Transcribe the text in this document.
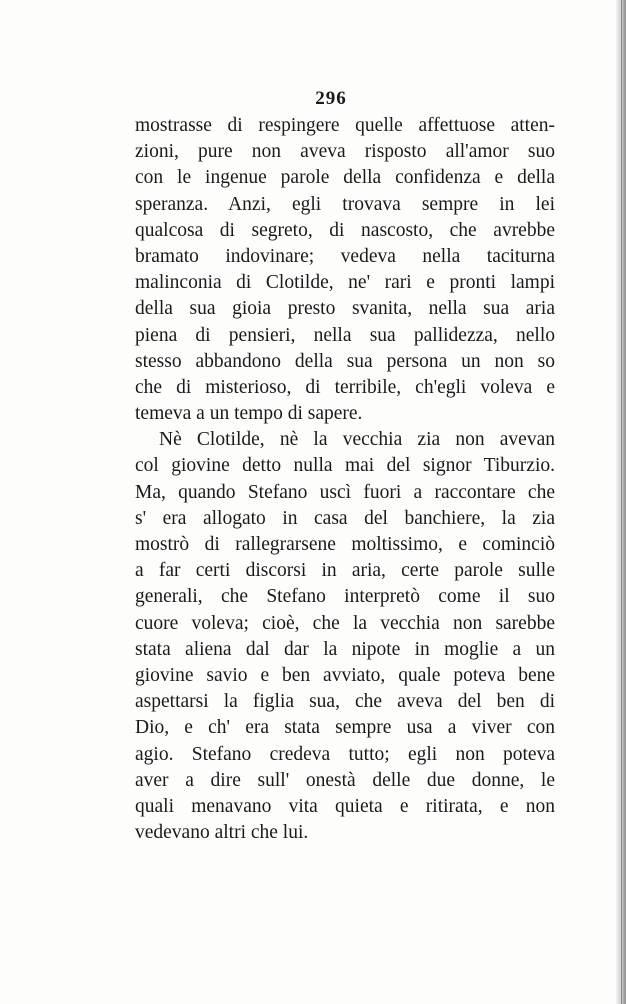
296
mostrasse di respingere quelle affettuose atten-
zioni, pure non aveva risposto all'amor suo
con le ingenue parole della confidenza e della
speranza. Anzi, egli trovava sempre in lei
qualcosa di segreto, di nascosto, che avrebbe
bramato indovinare; vedeva nella taciturna
malinconia di Clotilde, ne' rari e pronti lampi
della sua gioia presto svanita, nella sua aria
piena di pensieri, nella sua pallidezza, nello
stesso abbandono della sua persona un non so
che di misterioso, di terribile, ch'egli voleva e
temeva a un tempo di sapere.
Nè Clotilde, nè la vecchia zia non avevan
col giovine detto nulla mai del signor Tiburzio.
Ma, quando Stefano uscì fuori a raccontare che
s' era allogato in casa del banchiere, la zia
mostrò di rallegrarsene moltissimo, e cominciò
a far certi discorsi in aria, certe parole sulle
generali, che Stefano interpretò come il suo
cuore voleva; cioè, che la vecchia non sarebbe
stata aliena dal dar la nipote in moglie a un
giovine savio e ben avviato, quale poteva bene
aspettarsi la figlia sua, che aveva del ben di
Dio, e ch' era stata sempre usa a viver con
agio. Stefano credeva tutto; egli non poteva
aver a dire sull' onestà delle due donne, le
quali menavano vita quieta e ritirata, e non
vedevano altri che lui.
